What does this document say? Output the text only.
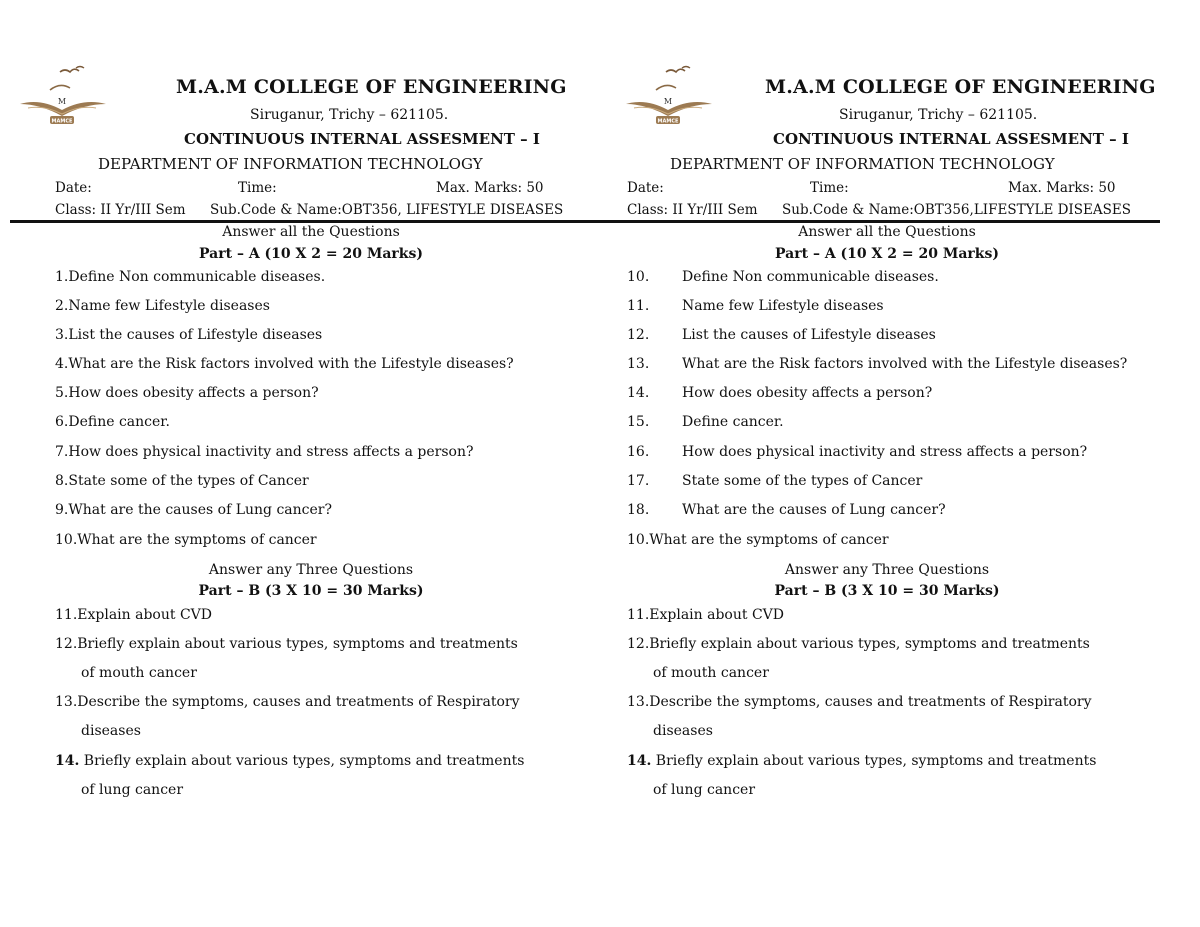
M
MAMCE
M.A.M COLLEGE OF ENGINEERING
Siruganur, Trichy – 621105.
CONTINUOUS INTERNAL ASSESMENT – I
DEPARTMENT OF INFORMATION TECHNOLOGY
Date:	Time:	Max. Marks: 50
Class: II Yr/III Sem Sub.Code & Name:OBT356, LIFESTYLE DISEASES
Answer all the Questions
Part – A (10 X 2 = 20 Marks)
1.Define Non communicable diseases.
2.Name few Lifestyle diseases
3.List the causes of Lifestyle diseases
4.What are the Risk factors involved with the Lifestyle diseases?
5.How does obesity affects a person?
6.Define cancer.
7.How does physical inactivity and stress affects a person?
8.State some of the types of Cancer
9.What are the causes of Lung cancer?
10.What are the symptoms of cancer
Answer any Three Questions
Part – B (3 X 10 = 30 Marks)
11.Explain about CVD
12.Briefly explain about various types, symptoms and treatments
of mouth cancer
13.Describe the symptoms, causes and treatments of Respiratory
diseases
14. Briefly explain about various types, symptoms and treatments
of lung cancer
M
MAMCE
M.A.M COLLEGE OF ENGINEERING
Siruganur, Trichy – 621105.
CONTINUOUS INTERNAL ASSESMENT – I
DEPARTMENT OF INFORMATION TECHNOLOGY
Date:	Time:	Max. Marks: 50
Class: II Yr/III Sem Sub.Code & Name:OBT356,LIFESTYLE DISEASES
Answer all the Questions
Part – A (10 X 2 = 20 Marks)
10. Define Non communicable diseases.
11. Name few Lifestyle diseases
12. List the causes of Lifestyle diseases
13. What are the Risk factors involved with the Lifestyle diseases?
14. How does obesity affects a person?
15. Define cancer.
16. How does physical inactivity and stress affects a person?
17. State some of the types of Cancer
18. What are the causes of Lung cancer?
10.What are the symptoms of cancer
Answer any Three Questions
Part – B (3 X 10 = 30 Marks)
11.Explain about CVD
12.Briefly explain about various types, symptoms and treatments
of mouth cancer
13.Describe the symptoms, causes and treatments of Respiratory
diseases
14. Briefly explain about various types, symptoms and treatments
of lung cancer
